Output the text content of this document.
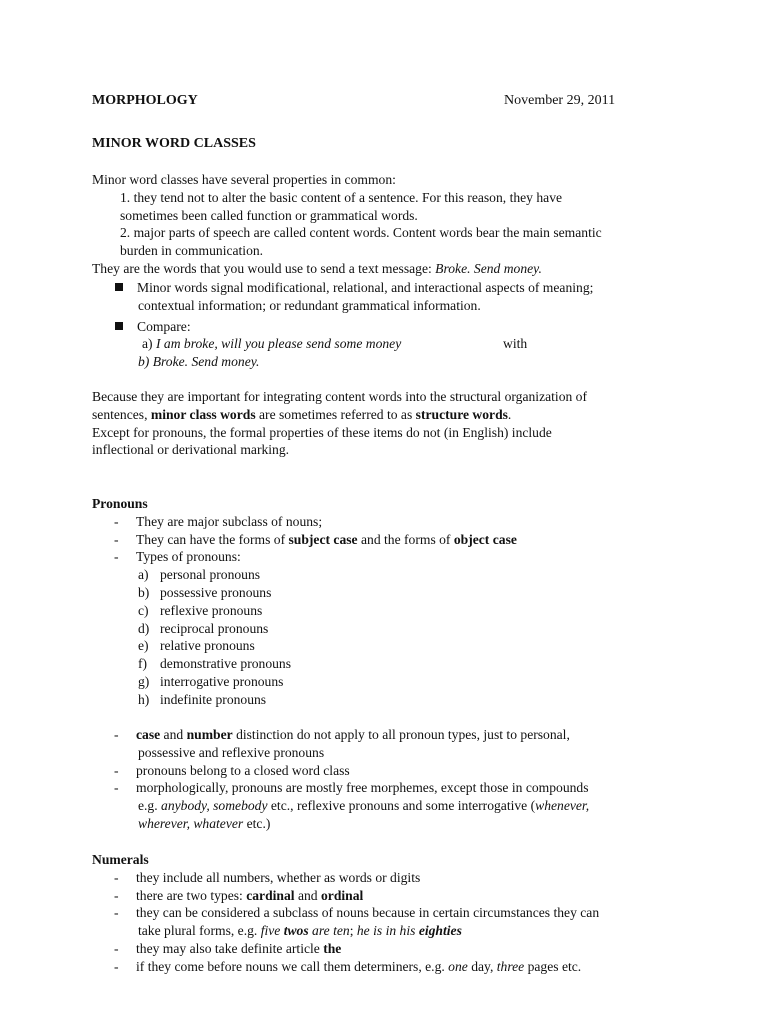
MORPHOLOGY	November 29, 2011
MINOR WORD CLASSES
Minor word classes have several properties in common:
1. they tend not to alter the basic content of a sentence. For this reason, they have
sometimes been called function or grammatical words.
2. major parts of speech are called content words. Content words bear the main semantic
burden in communication.
They are the words that you would use to send a text message: Broke. Send money.
Minor words signal modificational, relational, and interactional aspects of meaning;
contextual information; or redundant grammatical information.
Compare:
a) I am broke, will you please send some money	with
b) Broke. Send money.
Because they are important for integrating content words into the structural organization of
sentences, minor class words are sometimes referred to as structure words.
Except for pronouns, the formal properties of these items do not (in English) include
inflectional or derivational marking.
Pronouns
- They are major subclass of nouns;
- They can have the forms of subject case and the forms of object case
- Types of pronouns:
a) personal pronouns
b) possessive pronouns
c) reflexive pronouns
d) reciprocal pronouns
e) relative pronouns
f) demonstrative pronouns
g) interrogative pronouns
h) indefinite pronouns
- case and number distinction do not apply to all pronoun types, just to personal,
possessive and reflexive pronouns
- pronouns belong to a closed word class
- morphologically, pronouns are mostly free morphemes, except those in compounds
e.g. anybody, somebody etc., reflexive pronouns and some interrogative (whenever,
wherever, whatever etc.)
Numerals
- they include all numbers, whether as words or digits
- there are two types: cardinal and ordinal
- they can be considered a subclass of nouns because in certain circumstances they can
take plural forms, e.g. five twos are ten; he is in his eighties
- they may also take definite article the
- if they come before nouns we call them determiners, e.g. one day, three pages etc.
